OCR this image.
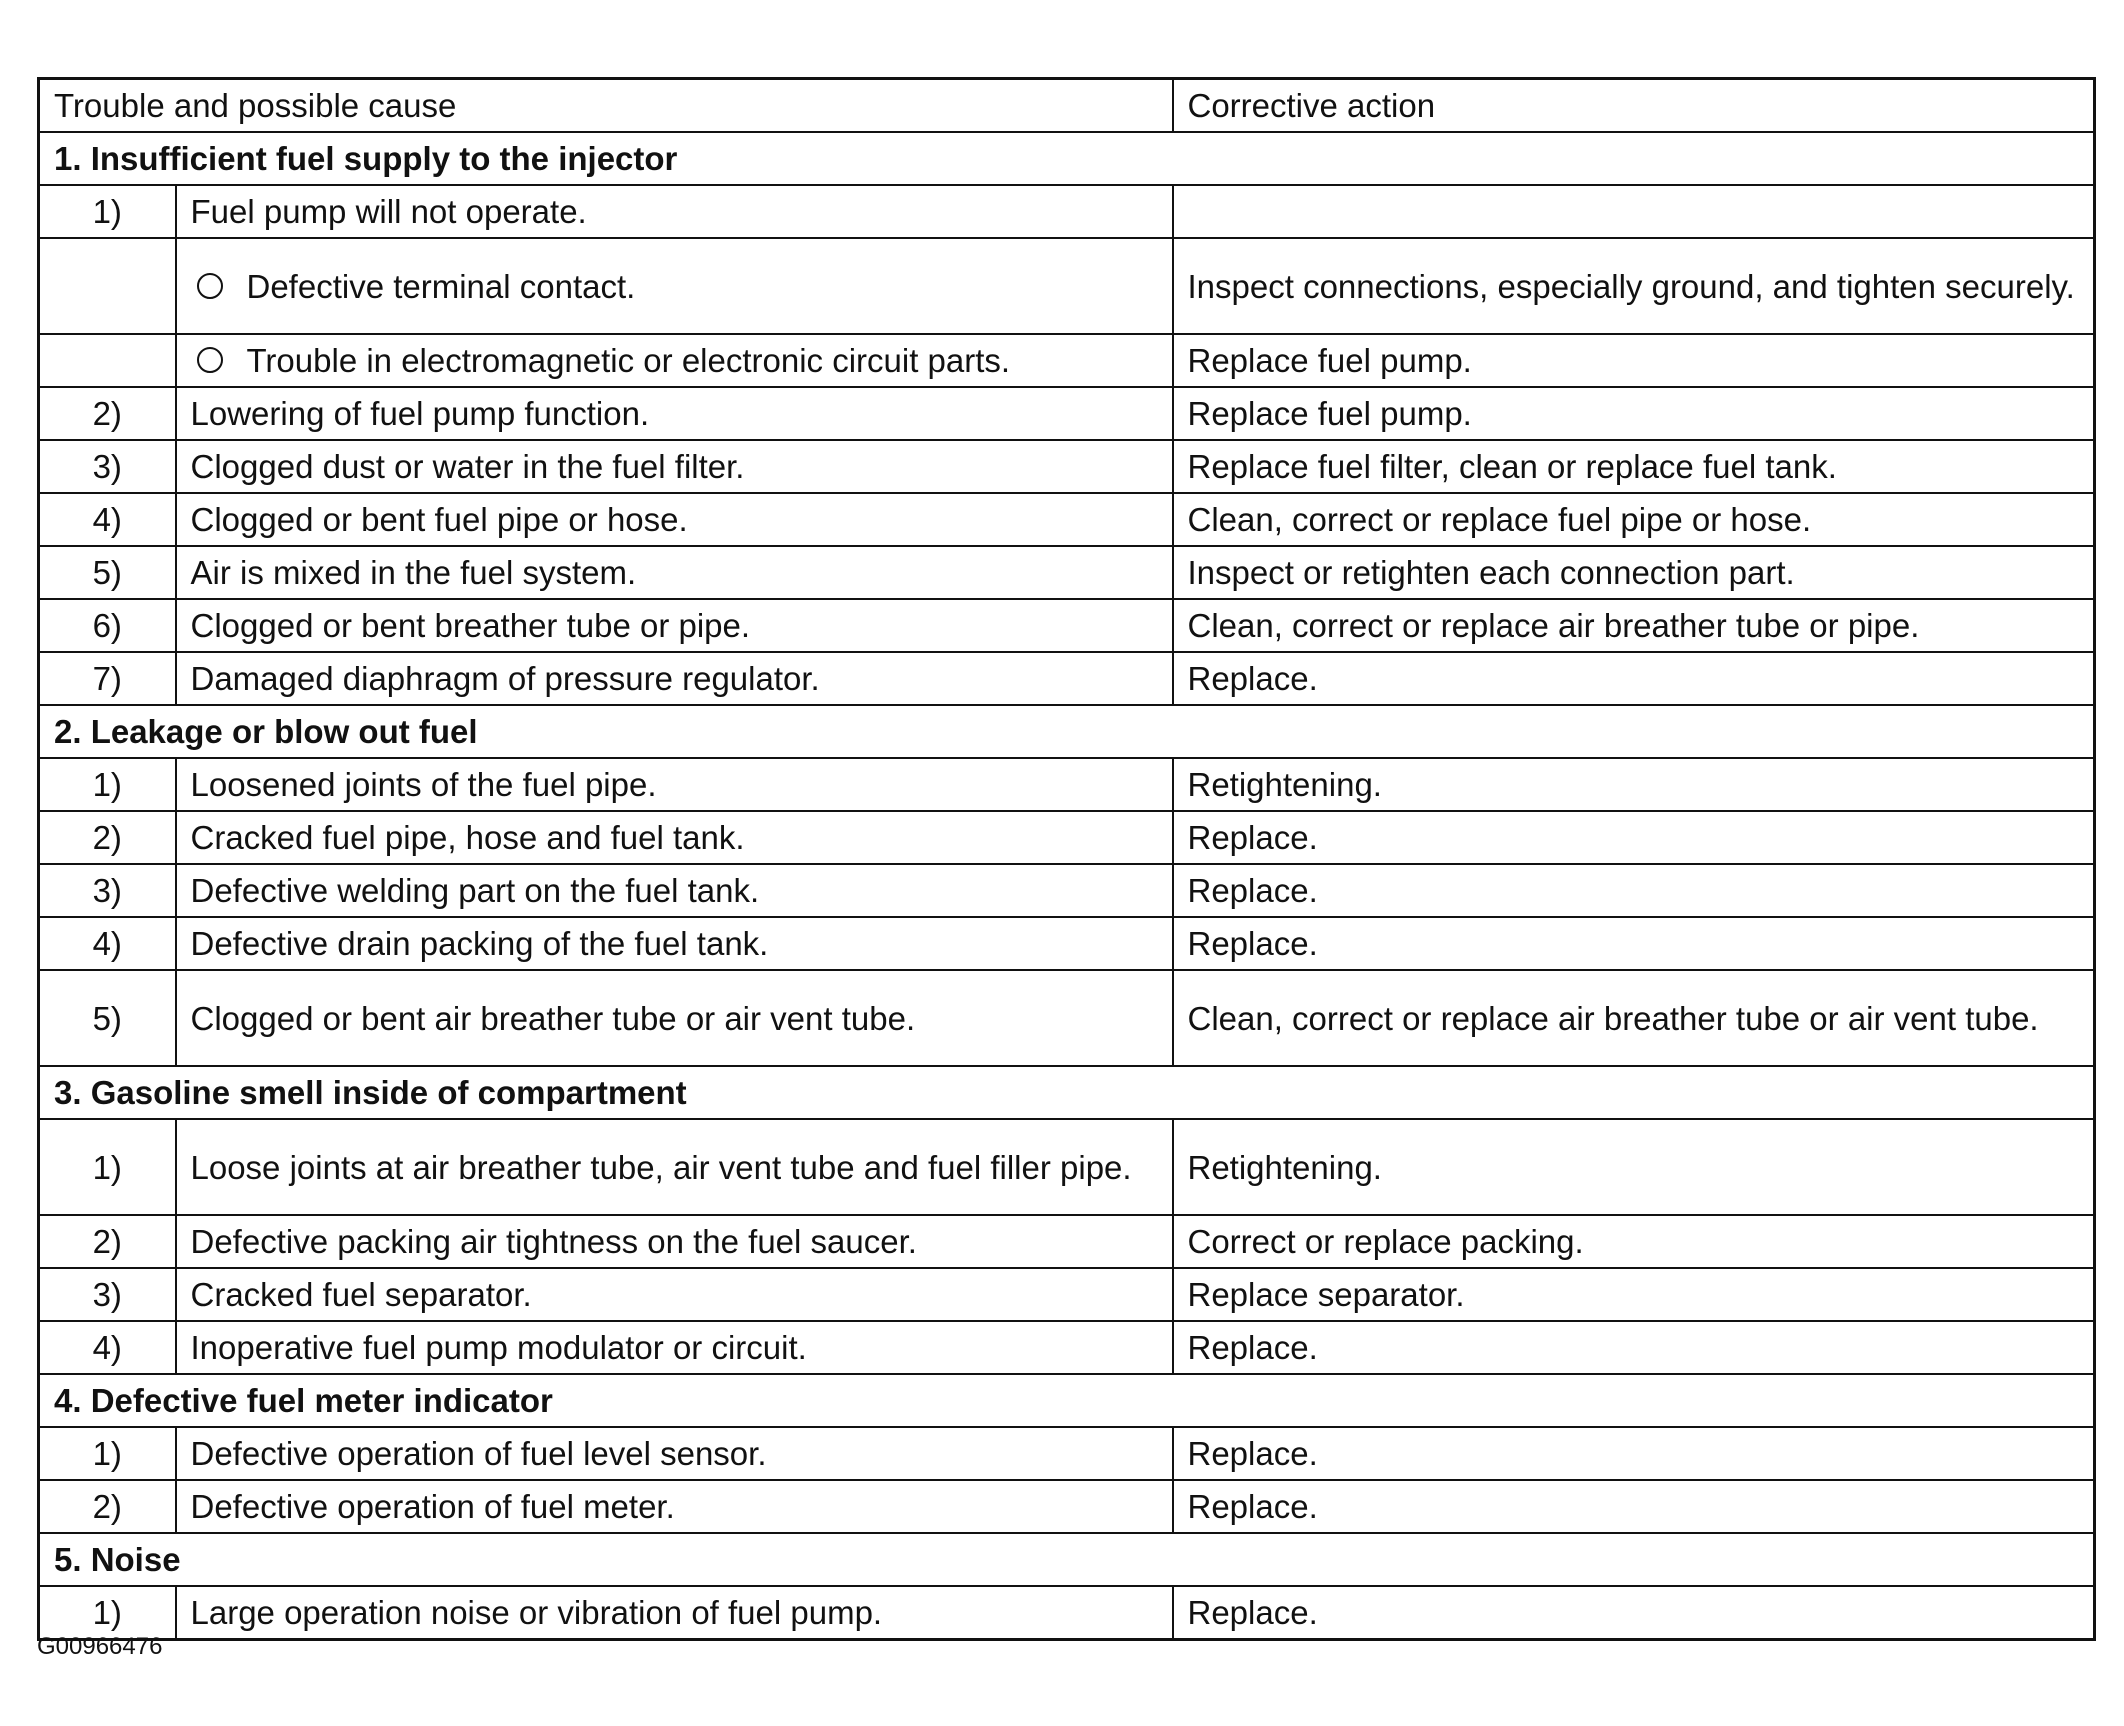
Trouble and possible cause		Corrective action
1. Insufficient fuel supply to the injector		
1)	Fuel pump will not operate.	
	Defective terminal contact.	Inspect connections, especially ground, and tighten securely.
	Trouble in electromagnetic or electronic circuit parts.	Replace fuel pump.
2)	Lowering of fuel pump function.	Replace fuel pump.
3)	Clogged dust or water in the fuel filter.	Replace fuel filter, clean or replace fuel tank.
4)	Clogged or bent fuel pipe or hose.	Clean, correct or replace fuel pipe or hose.
5)	Air is mixed in the fuel system.	Inspect or retighten each connection part.
6)	Clogged or bent breather tube or pipe.	Clean, correct or replace air breather tube or pipe.
7)	Damaged diaphragm of pressure regulator.	Replace.
2. Leakage or blow out fuel		
1)	Loosened joints of the fuel pipe.	Retightening.
2)	Cracked fuel pipe, hose and fuel tank.	Replace.
3)	Defective welding part on the fuel tank.	Replace.
4)	Defective drain packing of the fuel tank.	Replace.
5)	Clogged or bent air breather tube or air vent tube.	Clean, correct or replace air breather tube or air vent tube.
3. Gasoline smell inside of compartment		
1)	Loose joints at air breather tube, air vent tube and fuel filler pipe.	Retightening.
2)	Defective packing air tightness on the fuel saucer.	Correct or replace packing.
3)	Cracked fuel separator.	Replace separator.
4)	Inoperative fuel pump modulator or circuit.	Replace.
4. Defective fuel meter indicator		
1)	Defective operation of fuel level sensor.	Replace.
2)	Defective operation of fuel meter.	Replace.
5. Noise		
1)	Large operation noise or vibration of fuel pump.	Replace.
G00966476
